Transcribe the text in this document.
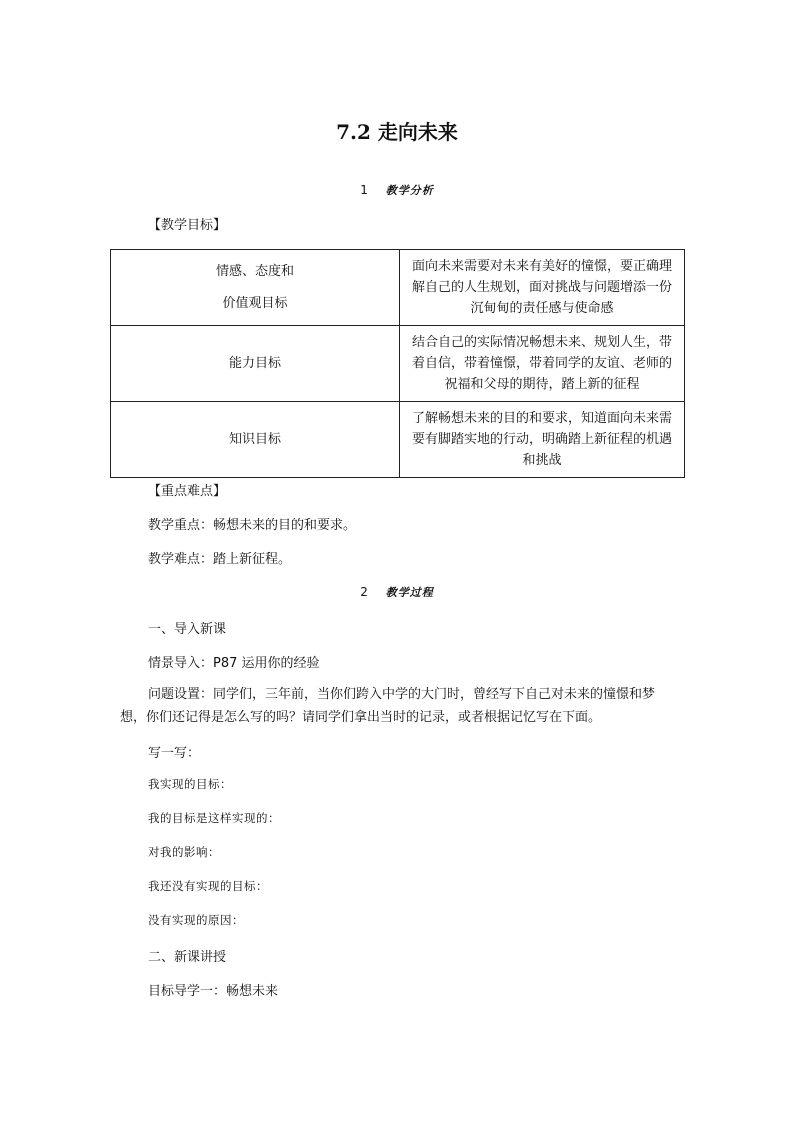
7.2 走向未来
1 教学分析
【教学目标】
情感、态度和
价值观目标	面向未来需要对未来有美好的憧憬，要正确理解自己的人生规划，面对挑战与问题增添一份沉甸甸的责任感与使命感

能力目标	结合自己的实际情况畅想未来、规划人生，带着自信，带着憧憬，带着同学的友谊、老师的祝福和父母的期待，踏上新的征程

知识目标	了解畅想未来的目的和要求，知道面向未来需要有脚踏实地的行动，明确踏上新征程的机遇和挑战
【重点难点】
教学重点：畅想未来的目的和要求。
教学难点：踏上新征程。
2 教学过程
一、导入新课
情景导入：P87 运用你的经验
问题设置：同学们，三年前，当你们跨入中学的大门时，曾经写下自己对未来的憧憬和梦想，你们还记得是怎么写的吗？请同学们拿出当时的记录，或者根据记忆写在下面。
写一写：
我实现的目标：
我的目标是这样实现的：
对我的影响：
我还没有实现的目标：
没有实现的原因：
二、新课讲授
目标导学一：畅想未来
